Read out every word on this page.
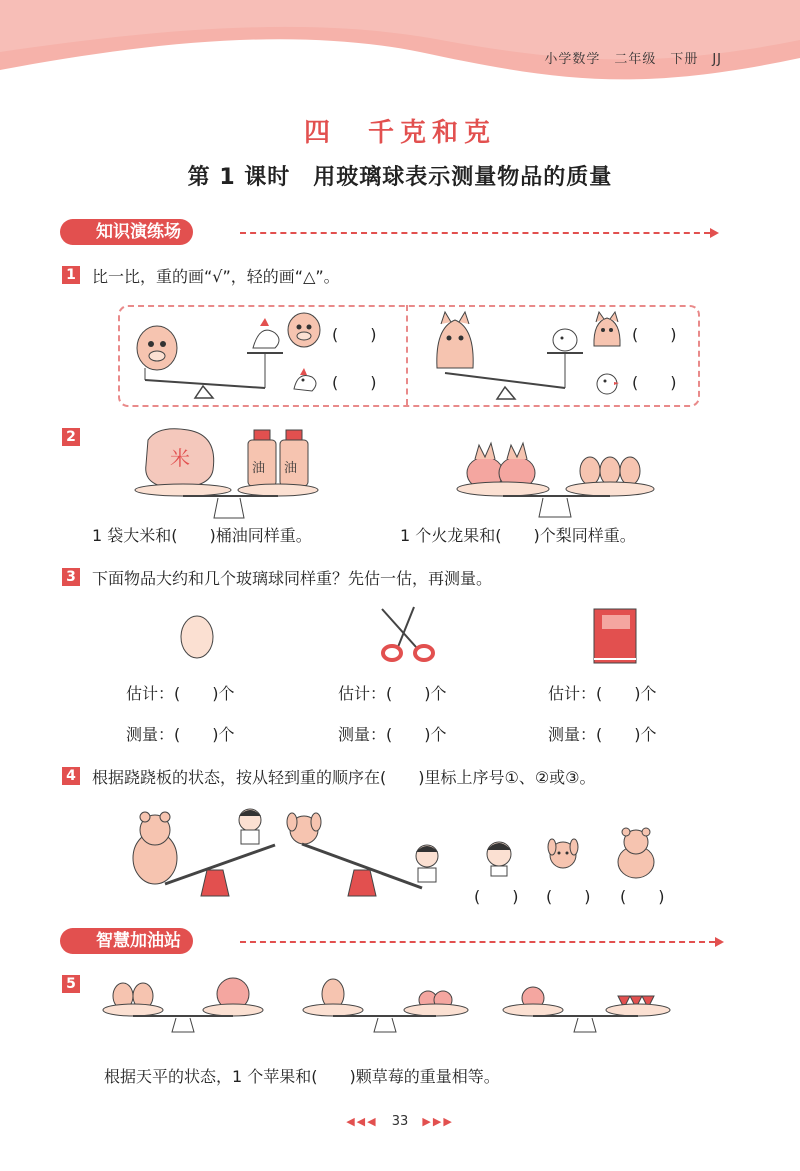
小学数学　二年级　下册　JJ
四　千克和克
第 1 课时　用玻璃球表示测量物品的质量
知识演练场
1 比一比，重的画“√”，轻的画“△”。
(　　)
(　　)
(　　)
(　　)
2
米	油 油
1 袋大米和(　　)桶油同样重。	1 个火龙果和(　　)个梨同样重。
3 下面物品大约和几个玻璃球同样重？先估一估，再测量。
估计：(　　)个	估计：(　　)个	估计：(　　)个
测量：(　　)个	测量：(　　)个	测量：(　　)个
4 根据跷跷板的状态，按从轻到重的顺序在(　　)里标上序号①、②或③。
(　　) (　　) (　　)
智慧加油站
5
根据天平的状态，1 个苹果和(　　)颗草莓的重量相等。
◀◀◀ 33 ▶▶▶
